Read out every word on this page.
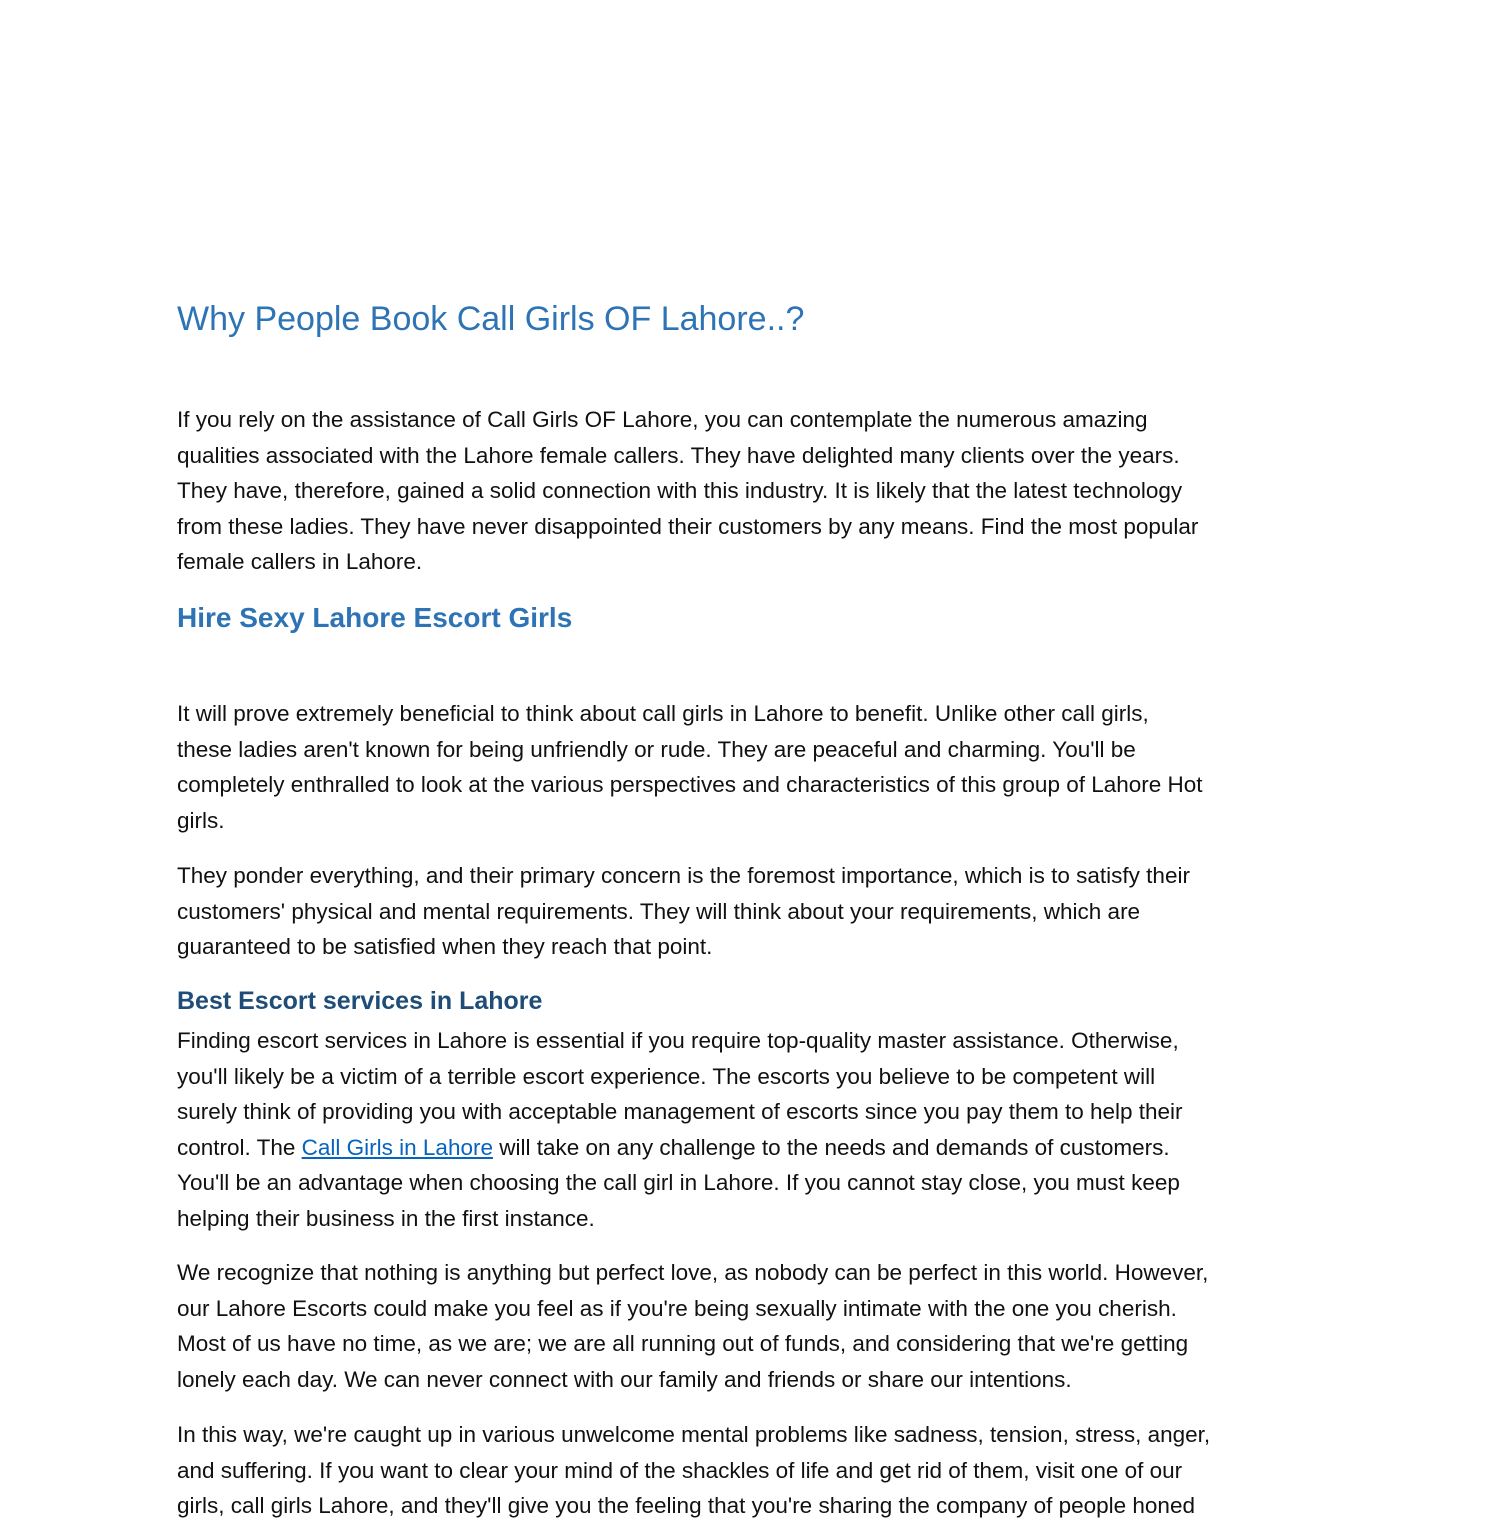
Why People Book Call Girls OF Lahore..?
If you rely on the assistance of Call Girls OF Lahore, you can contemplate the numerous amazing
qualities associated with the Lahore female callers. They have delighted many clients over the years.
They have, therefore, gained a solid connection with this industry. It is likely that the latest technology
from these ladies. They have never disappointed their customers by any means. Find the most popular
female callers in Lahore.
Hire Sexy Lahore Escort Girls
It will prove extremely beneficial to think about call girls in Lahore to benefit. Unlike other call girls,
these ladies aren't known for being unfriendly or rude. They are peaceful and charming. You'll be
completely enthralled to look at the various perspectives and characteristics of this group of Lahore Hot
girls.
They ponder everything, and their primary concern is the foremost importance, which is to satisfy their
customers' physical and mental requirements. They will think about your requirements, which are
guaranteed to be satisfied when they reach that point.
Best Escort services in Lahore
Finding escort services in Lahore is essential if you require top-quality master assistance. Otherwise,
you'll likely be a victim of a terrible escort experience. The escorts you believe to be competent will
surely think of providing you with acceptable management of escorts since you pay them to help their
control. The Call Girls in Lahore will take on any challenge to the needs and demands of customers.
You'll be an advantage when choosing the call girl in Lahore. If you cannot stay close, you must keep
helping their business in the first instance.
We recognize that nothing is anything but perfect love, as nobody can be perfect in this world. However,
our Lahore Escorts could make you feel as if you're being sexually intimate with the one you cherish.
Most of us have no time, as we are; we are all running out of funds, and considering that we're getting
lonely each day. We can never connect with our family and friends or share our intentions.
In this way, we're caught up in various unwelcome mental problems like sadness, tension, stress, anger,
and suffering. If you want to clear your mind of the shackles of life and get rid of them, visit one of our
girls, call girls Lahore, and they'll give you the feeling that you're sharing the company of people honed
